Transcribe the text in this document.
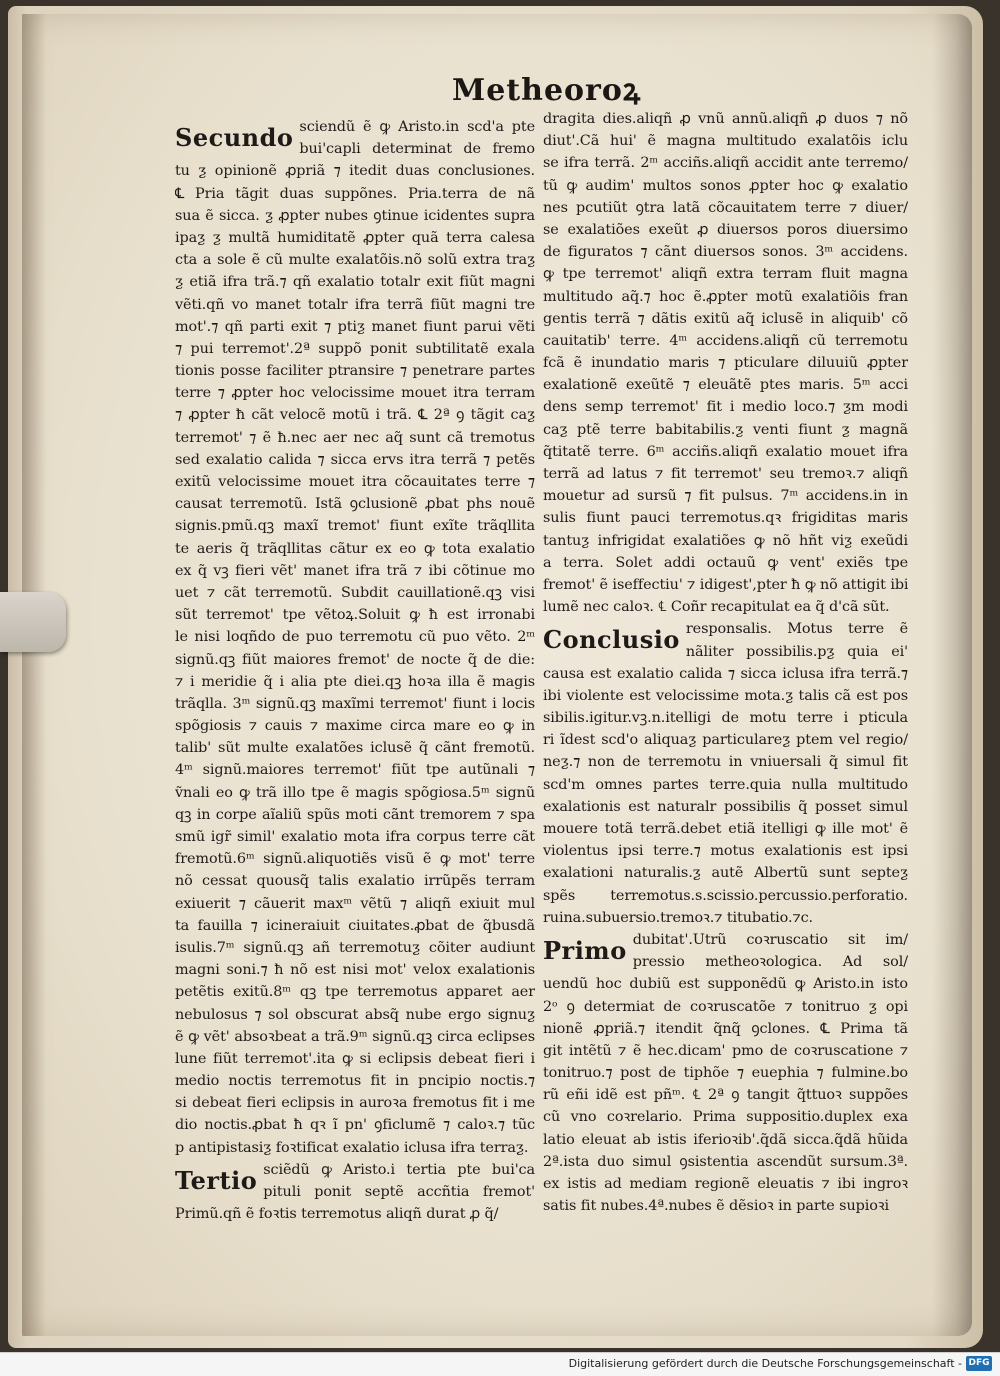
Metheoroꝝ
Secundo sciendũ ẽ ꝙ Aristo.in scd'a pte
bui'capli determinat de fremo
tu ƺ opinionẽ ꝓpriã ⁊ itedit duas conclusiones.
℄ Pria tãgit duas suppõnes. Pria.terra de nã
sua ẽ sicca. ƺ ꝓpter nubes ꝯtinue icidentes supra
ipaƺ ƺ multã humiditatẽ ꝓpter quã terra calesa
cta a sole ẽ cũ multe exalatõis.nõ solũ extra traƺ
ƺ etiã ifra trã.⁊ qñ exalatio totalr exit fiũt magni
vẽti.qñ vo manet totalr ifra terrã fiũt magni tre
mot'.⁊ qñ parti exit ⁊ ptiƺ manet fiunt parui vẽti
⁊ pui terremot'.2ª suppõ ponit subtilitatẽ exala
tionis posse faciliter ptransire ⁊ penetrare partes
terre ⁊ ꝓpter hoc velocissime mouet itra terram
⁊ ꝓpter ħ cãt velocẽ motũ i trã. ℄ 2ª ꝯ tãgit caƺ
terremot' ⁊ ẽ ħ.nec aer nec aq̃ sunt cã tremotus
sed exalatio calida ⁊ sicca ervs itra terrã ⁊ petẽs
exitũ velocissime mouet itra cõcauitates terre ⁊
causat terremotũ. Istã ꝯclusionẽ ꝓbat phs nouẽ
signis.pmũ.qꝫ maxĩ tremot' fiunt exĩte trãqllita
te aeris q̃ trãqllitas cãtur ex eo ꝙ tota exalatio
ex q̃ vꝫ fieri vẽt' manet ifra trã ⁊ ibi cõtinue mo
uet ⁊ cãt terremotũ. Subdit cauillationẽ.qꝫ visi
sũt terremot' tpe vẽtoꝝ.Soluit ꝙ ħ est irronabi
le nisi loqñdo de puo terremotu cũ puo vẽto. 2ᵐ
signũ.qꝫ fiũt maiores fremot' de nocte q̃ de die:
⁊ i meridie q̃ i alia pte diei.qꝫ hoꝛa illa ẽ magis
trãqlla. 3ᵐ signũ.qꝫ maxĩmi terremot' fiunt i locis
spõgiosis ⁊ cauis ⁊ maxime circa mare eo ꝙ in
talib' sũt multe exalatões iclusẽ q̃ cãnt fremotũ.
4ᵐ signũ.maiores terremot' fiũt tpe autũnali ⁊
ṽnali eo ꝙ trã illo tpe ẽ magis spõgiosa.5ᵐ signũ
qꝫ in corpe aĩaliũ spũs moti cãnt tremorem ⁊ spa
smũ igr̃ simil' exalatio mota ifra corpus terre cãt
fremotũ.6ᵐ signũ.aliquotiẽs visũ ẽ ꝙ mot' terre
nõ cessat quousq̃ talis exalatio irrũpẽs terram
exiuerit ⁊ cãuerit maxᵐ vẽtũ ⁊ aliqñ exiuit mul
ta fauilla ⁊ icineraiuit ciuitates.ꝓbat de q̃busdã
isulis.7ᵐ signũ.qꝫ añ terremotuƺ cõiter audiunt
magni soni.⁊ ħ nõ est nisi mot' velox exalationis
petẽtis exitũ.8ᵐ qꝫ tpe terremotus apparet aer
nebulosus ⁊ sol obscurat absq̃ nube ergo signuƺ
ẽ ꝙ vẽt' absoꝛbeat a trã.9ᵐ signũ.qꝫ circa eclipses
lune fiũt terremot'.ita ꝙ si eclipsis debeat fieri i
medio noctis terremotus fit in pncipio noctis.⁊
si debeat fieri eclipsis in auroꝛa fremotus fit i me
dio noctis.ꝓbat ħ qꝛ ĩ pn' ꝯficlumẽ ⁊ caloꝛ.⁊ tũc
p antipistasiƺ foꝛtificat exalatio iclusa ifra terraƺ.
Tertio sciẽdũ ꝙ Aristo.i tertia pte bui'ca
pituli ponit septẽ accñtia fremot'
Primũ.qñ ẽ foꝛtis terremotus aliqñ durat ꝓ q̃/
dragita dies.aliqñ ꝓ vnũ annũ.aliqñ ꝓ duos ⁊ nõ
diut'.Cã hui' ẽ magna multitudo exalatõis iclu
se ifra terrã. 2ᵐ acciñs.aliqñ accidit ante terremo/
tũ ꝙ audim' multos sonos ꝓpter hoc ꝙ exalatio
nes pcutiũt ꝯtra latã cõcauitatem terre ⁊ diuer/
se exalatiões exeũt ꝓ diuersos poros diuersimo
de figuratos ⁊ cãnt diuersos sonos. 3ᵐ accidens.
ꝙ tpe terremot' aliqñ extra terram fluit magna
multitudo aq̃.⁊ hoc ẽ.ꝓpter motũ exalatiõis fran
gentis terrã ⁊ dãtis exitũ aq̃ iclusẽ in aliquib' cõ
cauitatib' terre. 4ᵐ accidens.aliqñ cũ terremotu
fcã ẽ inundatio maris ⁊ pticulare diluuiũ ꝓpter
exalationẽ exeũtẽ ⁊ eleuãtẽ ptes maris. 5ᵐ acci
dens semp terremot' fit i medio loco.⁊ ƺm modi
caƺ ptẽ terre babitabilis.ƺ venti fiunt ƺ magnã
q̃titatẽ terre. 6ᵐ acciñs.aliqñ exalatio mouet ifra
terrã ad latus ⁊ fit terremot' seu tremoꝛ.⁊ aliqñ
mouetur ad sursũ ⁊ fit pulsus. 7ᵐ accidens.in in
sulis fiunt pauci terremotus.qꝛ frigiditas maris
tantuƺ infrigidat exalatiões ꝙ nõ hñt viƺ exeũdi
a terra. Solet addi octauũ ꝙ vent' exiẽs tpe
fremot' ẽ iseffectiu' ⁊ idigest',pter ħ ꝙ nõ attigit ibi
lumẽ nec caloꝛ. ℄ Coñr recapitulat ea q̃ d'cã sũt.
Conclusio responsalis. Motus terre ẽ
nãliter possibilis.pƺ quia ei'
causa est exalatio calida ⁊ sicca iclusa ifra terrã.⁊
ibi violente est velocissime mota.ƺ talis cã est pos
sibilis.igitur.vꝫ.n.itelligi de motu terre i pticula
ri ĩdest scd'o aliquaƺ particulareƺ ptem vel regio/
neƺ.⁊ non de terremotu in vniuersali q̃ simul fit
scd'm omnes partes terre.quia nulla multitudo
exalationis est naturalr possibilis q̃ posset simul
mouere totã terrã.debet etiã itelligi ꝙ ille mot' ẽ
violentus ipsi terre.⁊ motus exalationis est ipsi
exalationi naturalis.ƺ autẽ Albertũ sunt septeƺ
spẽs terremotus.s.scissio.percussio.perforatio.
ruina.subuersio.tremoꝛ.⁊ titubatio.⁊c.
Primo dubitat'.Utrũ coꝛruscatio sit im/
pressio metheoꝛologica. Ad sol/
uendũ hoc dubiũ est supponẽdũ ꝙ Aristo.in isto
2ᵒ ꝯ determiat de coꝛruscatõe ⁊ tonitruo ƺ opi
nionẽ ꝓpriã.⁊ itendit q̃nq̃ ꝯclones. ℄ Prima tã
git intẽtũ ⁊ ẽ hec.dicam' pmo de coꝛruscatione ⁊
tonitruo.⁊ post de tiphõe ⁊ euephia ⁊ fulmine.bo
rũ eñi idẽ est pñᵐ. ℄ 2ª ꝯ tangit q̃ttuoꝛ suppões
cũ vno coꝛrelario. Prima suppositio.duplex exa
latio eleuat ab istis iferioꝛib'.q̃dã sicca.q̃dã hũida
2ª.ista duo simul ꝯsistentia ascendũt sursum.3ª.
ex istis ad mediam regionẽ eleuatis ⁊ ibi ingroꝛ
satis fit nubes.4ª.nubes ẽ dẽsioꝛ in parte supioꝛi
Digitalisierung gefördert durch die Deutsche Forschungsgemeinschaft - DFG
